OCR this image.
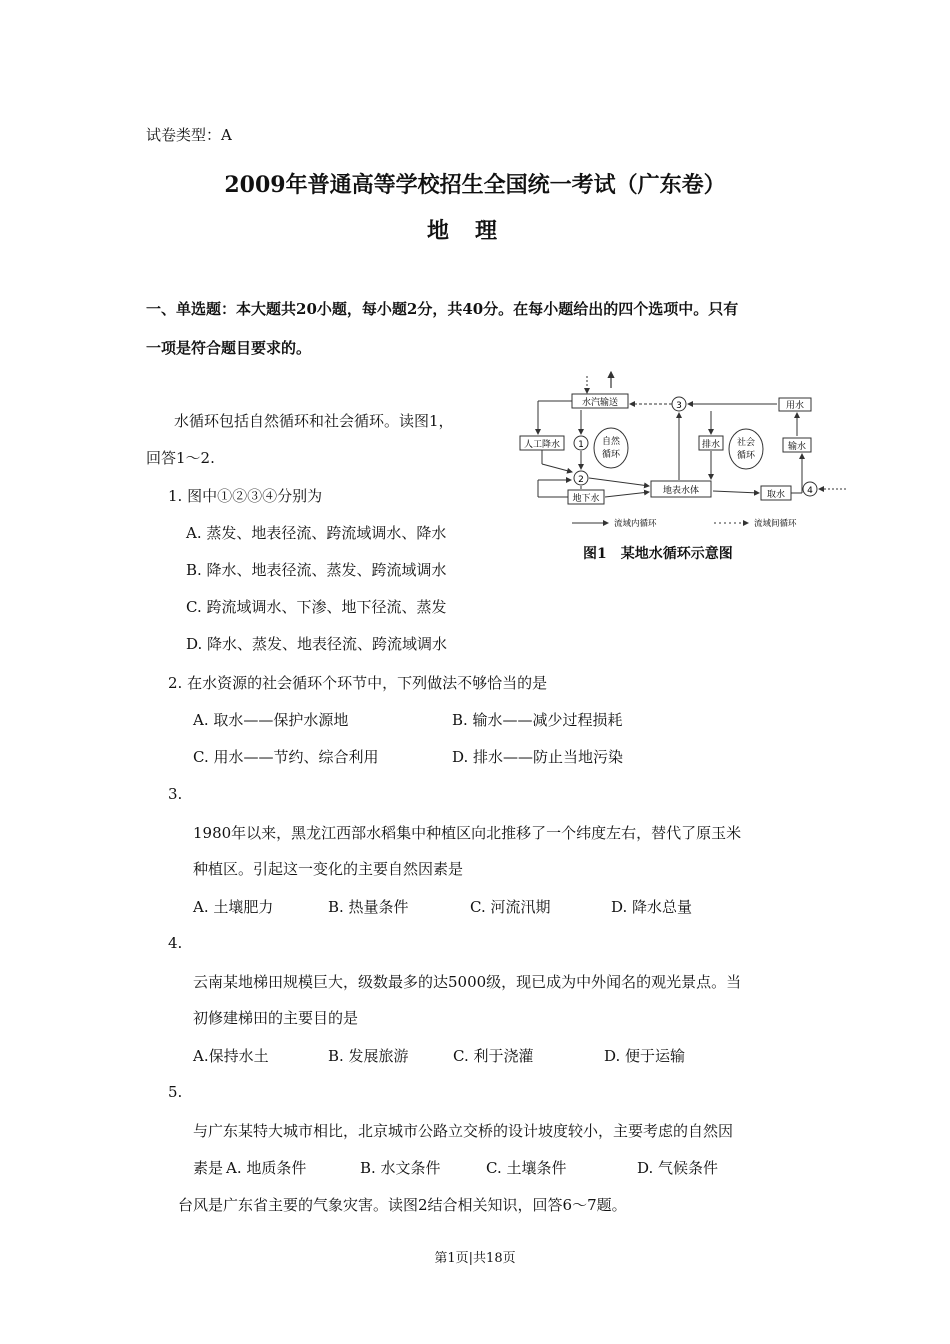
试卷类型：A
2009年普通高等学校招生全国统一考试（广东卷）
地理
一、单选题：本大题共20小题，每小题2分，共40分。在每小题给出的四个选项中。只有
一项是符合题目要求的。
水循环包括自然循环和社会循环。读图1，
回答1～2.
1. 图中①②③④分别为
A. 蒸发、地表径流、跨流域调水、降水
B. 降水、地表径流、蒸发、跨流域调水
C. 跨流域调水、下渗、地下径流、蒸发
D. 降水、蒸发、地表径流、跨流域调水
2. 在水资源的社会循环个环节中，下列做法不够恰当的是
A. 取水——保护水源地	B. 输水——减少过程损耗
C. 用水——节约、综合利用	D. 排水——防止当地污染
3.
1980年以来，黑龙江西部水稻集中种植区向北推移了一个纬度左右，替代了原玉米
种植区。引起这一变化的主要自然因素是
A. 土壤肥力	B. 热量条件	C. 河流汛期	D. 降水总量
4.
云南某地梯田规模巨大，级数最多的达5000级，现已成为中外闻名的观光景点。当
初修建梯田的主要目的是
A.保持水土	B. 发展旅游	C. 利于浇灌	D. 便于运输
5.
与广东某特大城市相比，北京城市公路立交桥的设计坡度较小，主要考虑的自然因
素是 A. 地质条件	B. 水文条件	C. 土壤条件	D. 气候条件
台风是广东省主要的气象灾害。读图2结合相关知识，回答6～7题。
水汽输送	3	用水
人工降水 1 自然
循环
2
地下水
地表水体
排水 社会
循环
输水
取水 4
流域内循环	流域间循环
图1　某地水循环示意图
第1页|共18页
